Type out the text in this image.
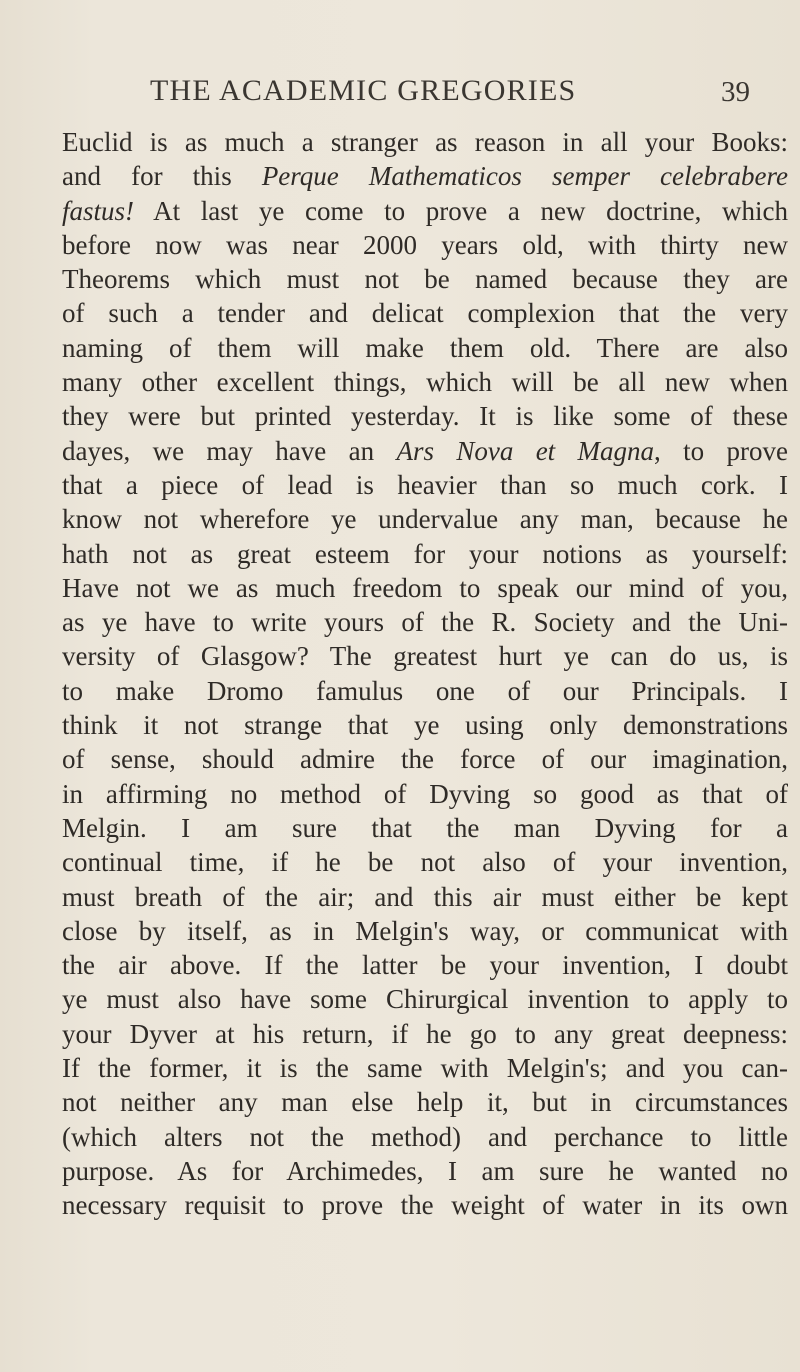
THE ACADEMIC GREGORIES	39
Euclid is as much a stranger as reason in all your Books:
and for this Perque Mathematicos semper celebrabere
fastus! At last ye come to prove a new doctrine, which
before now was near 2000 years old, with thirty new
Theorems which must not be named because they are
of such a tender and delicat complexion that the very
naming of them will make them old. There are also
many other excellent things, which will be all new when
they were but printed yesterday. It is like some of these
dayes, we may have an Ars Nova et Magna, to prove
that a piece of lead is heavier than so much cork. I
know not wherefore ye undervalue any man, because he
hath not as great esteem for your notions as yourself:
Have not we as much freedom to speak our mind of you,
as ye have to write yours of the R. Society and the Uni-
versity of Glasgow? The greatest hurt ye can do us, is
to make Dromo famulus one of our Principals. I
think it not strange that ye using only demonstrations
of sense, should admire the force of our imagination,
in affirming no method of Dyving so good as that of
Melgin. I am sure that the man Dyving for a
continual time, if he be not also of your invention,
must breath of the air; and this air must either be kept
close by itself, as in Melgin's way, or communicat with
the air above. If the latter be your invention, I doubt
ye must also have some Chirurgical invention to apply to
your Dyver at his return, if he go to any great deepness:
If the former, it is the same with Melgin's; and you can-
not neither any man else help it, but in circumstances
(which alters not the method) and perchance to little
purpose. As for Archimedes, I am sure he wanted no
necessary requisit to prove the weight of water in its own
